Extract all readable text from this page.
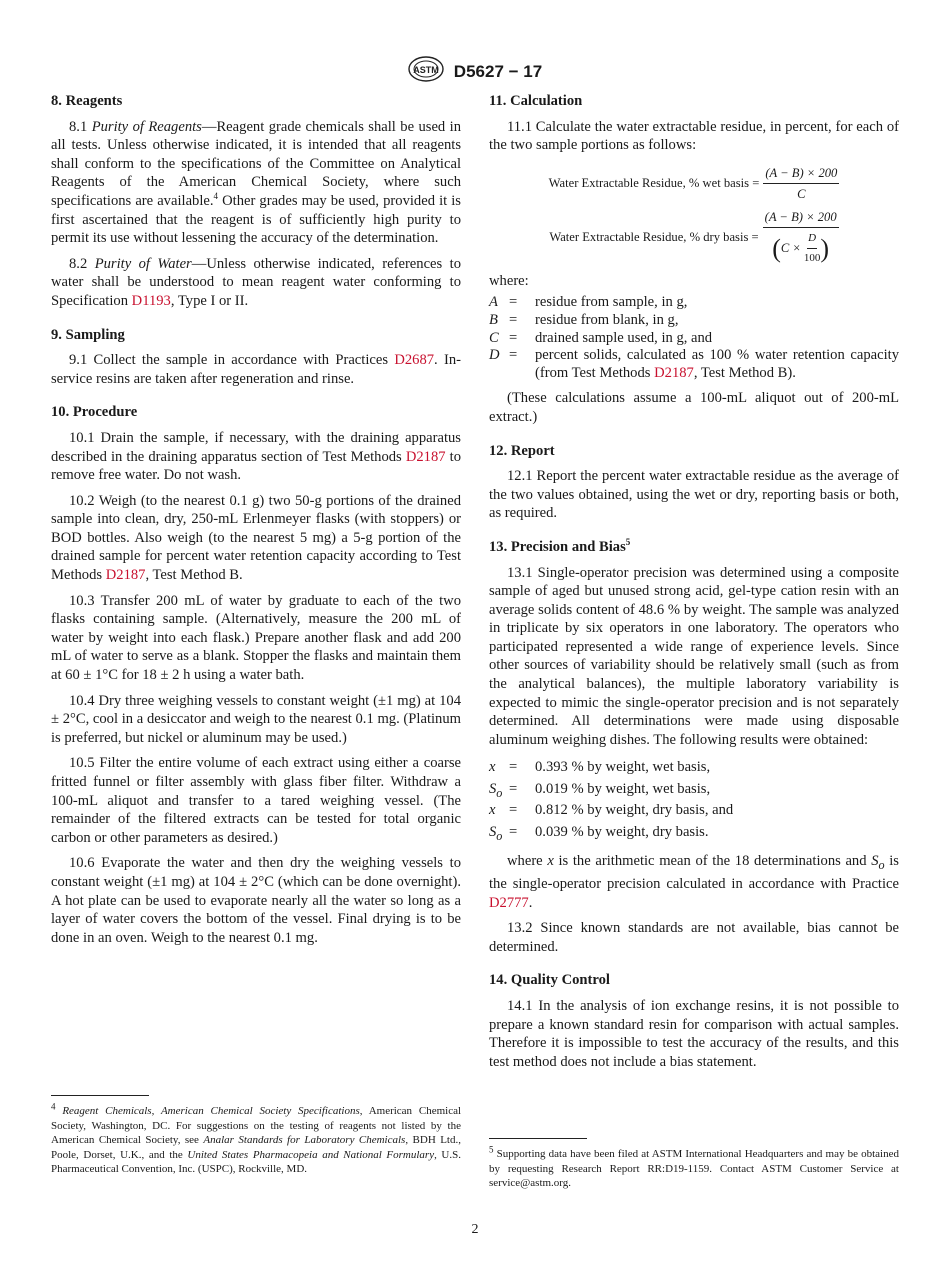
ASTM D5627 − 17
8. Reagents

8.1 Purity of Reagents—Reagent grade chemicals shall be used in all tests. Unless otherwise indicated, it is intended that all reagents shall conform to the specifications of the Committee on Analytical Reagents of the American Chemical Society, where such specifications are available.$^4$ Other grades may be used, provided it is first ascertained that the reagent is of sufficiently high purity to permit its use without lessening the accuracy of the determination.

8.2 Purity of Water—Unless otherwise indicated, references to water shall be understood to mean reagent water conforming to Specification D1193, Type I or II.

9. Sampling

9.1 Collect the sample in accordance with Practices D2687. In-service resins are taken after regeneration and rinse.

10. Procedure

10.1 Drain the sample, if necessary, with the draining apparatus described in the draining apparatus section of Test Methods D2187 to remove free water. Do not wash.

10.2 Weigh (to the nearest 0.1 g) two 50-g portions of the drained sample into clean, dry, 250-mL Erlenmeyer flasks (with stoppers) or BOD bottles. Also weigh (to the nearest 5 mg) a 5-g portion of the drained sample for percent water retention capacity according to Test Methods D2187, Test Method B.

10.3 Transfer 200 mL of water by graduate to each of the two flasks containing sample. (Alternatively, measure the 200 mL of water by weight into each flask.) Prepare another flask and add 200 mL of water to serve as a blank. Stopper the flasks and maintain them at 60 ± 1°C for 18 ± 2 h using a water bath.

10.4 Dry three weighing vessels to constant weight (±1 mg) at 104 ± 2°C, cool in a desiccator and weigh to the nearest 0.1 mg. (Platinum is preferred, but nickel or aluminum may be used.)

10.5 Filter the entire volume of each extract using either a coarse fritted funnel or filter assembly with glass fiber filter. Withdraw a 100-mL aliquot and transfer to a tared weighing vessel. (The remainder of the filtered extracts can be tested for total organic carbon or other parameters as desired.)

10.6 Evaporate the water and then dry the weighing vessels to constant weight (±1 mg) at 104 ± 2°C (which can be done overnight). A hot plate can be used to evaporate nearly all the water so long as a layer of water covers the bottom of the vessel. Final drying is to be done in an oven. Weigh to the nearest 0.1 mg.

$^4$ Reagent Chemicals, American Chemical Society Specifications, American Chemical Society, Washington, DC. For suggestions on the testing of reagents not listed by the American Chemical Society, see Analar Standards for Laboratory Chemicals, BDH Ltd., Poole, Dorset, U.K., and the United States Pharmacopeia and National Formulary, U.S. Pharmaceutical Convention, Inc. (USPC), Rockville, MD.
11. Calculation

11.1 Calculate the water extractable residue, in percent, for each of the two sample portions as follows:

Water Extractable Residue, % wet basis = $\frac{(A - B) \times 200}{C}$
Water Extractable Residue, % dry basis = $\frac{(A - B) \times 200}{( C \times \frac{D}{100} )}$
where:
A =	residue from sample, in g,
B =	residue from blank, in g,
C =	drained sample used, in g, and
D =	percent solids, calculated as 100 % water retention capacity (from Test Methods D2187, Test Method B).

(These calculations assume a 100-mL aliquot out of 200-mL extract.)

12. Report

12.1 Report the percent water extractable residue as the average of the two values obtained, using the wet or dry, reporting basis or both, as required.

13. Precision and Bias$^5$

13.1 Single-operator precision was determined using a composite sample of aged but unused strong acid, gel-type cation resin with an average solids content of 48.6 % by weight. The sample was analyzed in triplicate by six operators in one laboratory. The operators who participated represented a wide range of experience levels. Since other sources of variability should be relatively small (such as from the analytical balances), the multiple laboratory variability is expected to mimic the single-operator precision and is not separately determined. All determinations were made using disposable aluminum weighing dishes. The following results were obtained:

x =	0.393 % by weight, wet basis,
$S_o$ =	0.019 % by weight, wet basis,
x =	0.812 % by weight, dry basis, and
$S_o$ =	0.039 % by weight, dry basis.

where x is the arithmetic mean of the 18 determinations and $S_o$ is the single-operator precision calculated in accordance with Practice D2777.

13.2 Since known standards are not available, bias cannot be determined.

14. Quality Control

14.1 In the analysis of ion exchange resins, it is not possible to prepare a known standard resin for comparison with actual samples. Therefore it is impossible to test the accuracy of the results, and this test method does not include a bias statement.

$^5$ Supporting data have been filed at ASTM International Headquarters and may be obtained by requesting Research Report RR:D19-1159. Contact ASTM Customer Service at service@astm.org.
2
